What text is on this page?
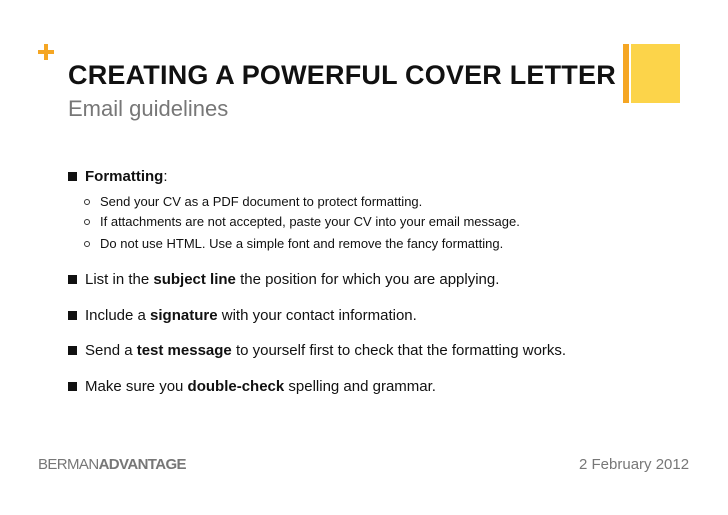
CREATING A POWERFUL COVER LETTER
Email guidelines
Formatting:
Send your CV as a PDF document to protect formatting.
If attachments are not accepted, paste your CV into your email message.
Do not use HTML. Use a simple font and remove the fancy formatting.
List in the subject line the position for which you are applying.
Include a signature with your contact information.
Send a test message to yourself first to check that the formatting works.
Make sure you double-check spelling and grammar.
BERMANADVANTAGE	2 February 2012
